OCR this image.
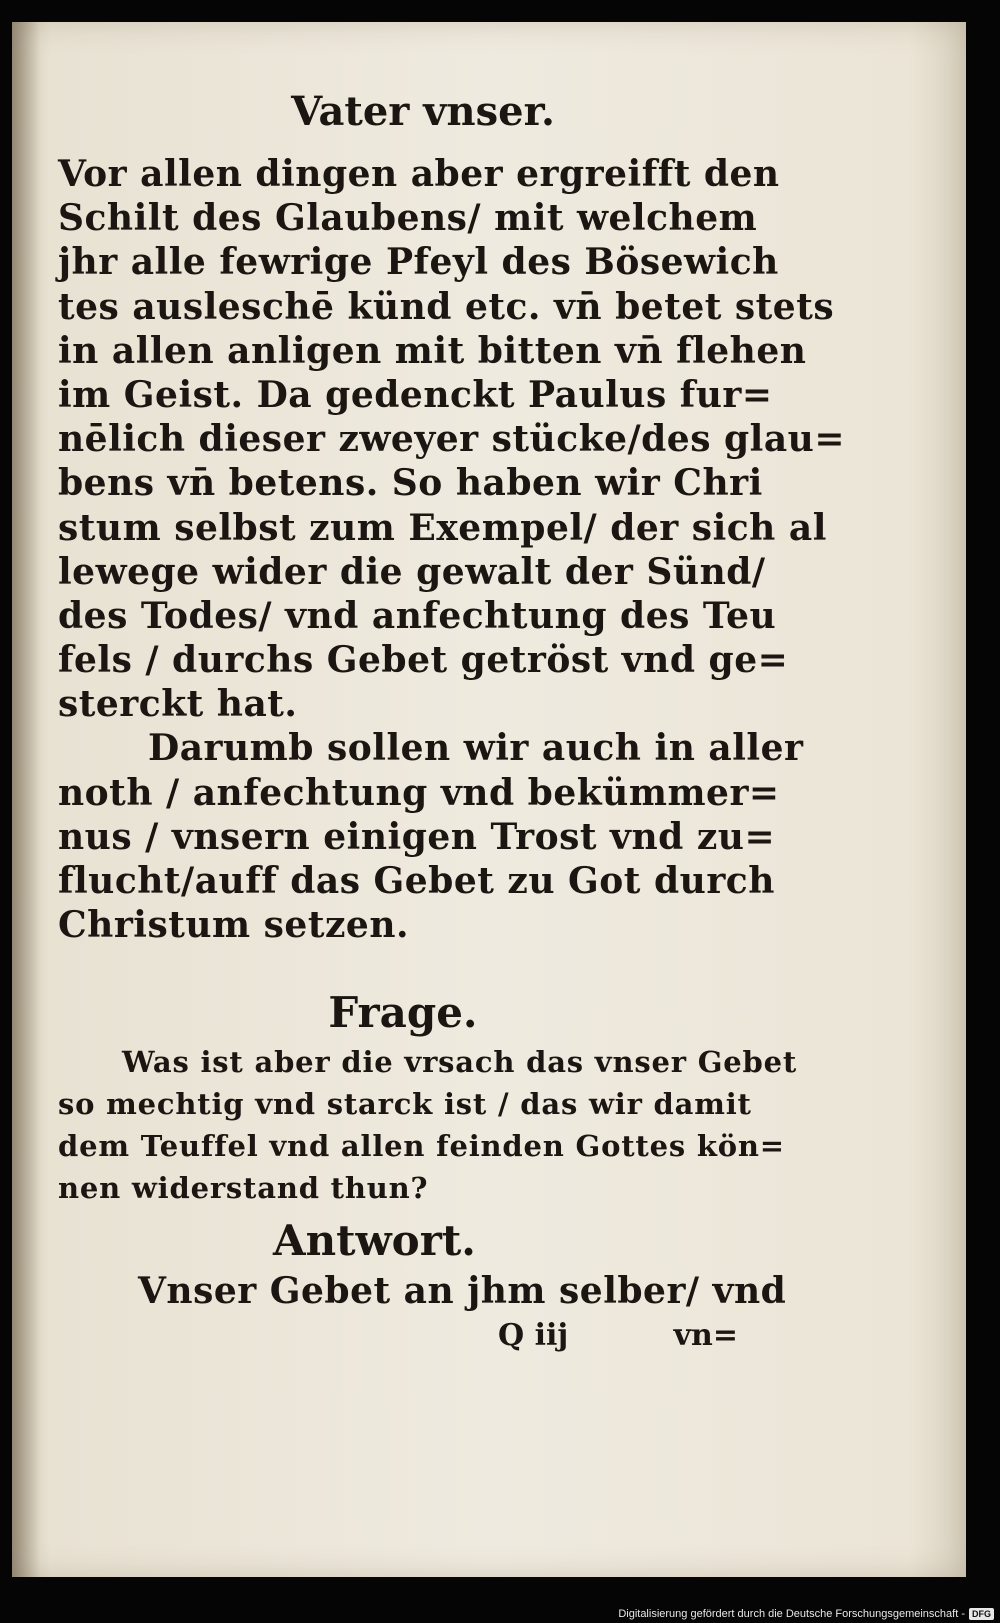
Vater vnser.
Vor allen dingen aber ergreifft den
Schilt des Glaubens/ mit welchem
jhr alle fewrige Pfeyl des Bösewich
tes ausleschē künd etc. vn̄ betet stets
in allen anligen mit bitten vn̄ flehen
im Geist. Da gedenckt Paulus fur=
nēlich dieser zweyer stücke/des glau=
bens vn̄ betens. So haben wir Chri
stum selbst zum Exempel/ der sich al
lewege wider die gewalt der Sünd/
des Todes/ vnd anfechtung des Teu
fels / durchs Gebet getröst vnd ge=
sterckt hat.
Darumb sollen wir auch in aller
noth / anfechtung vnd bekümmer=
nus / vnsern einigen Trost vnd zu=
flucht/auff das Gebet zu Got durch
Christum setzen.
Frage.
Was ist aber die vrsach das vnser Gebet
so mechtig vnd starck ist / das wir damit
dem Teuffel vnd allen feinden Gottes kön=
nen widerstand thun?
Antwort.
Vnser Gebet an jhm selber/ vnd
Q iij	vn=
Digitalisierung gefördert durch die Deutsche Forschungsgemeinschaft - DFG
